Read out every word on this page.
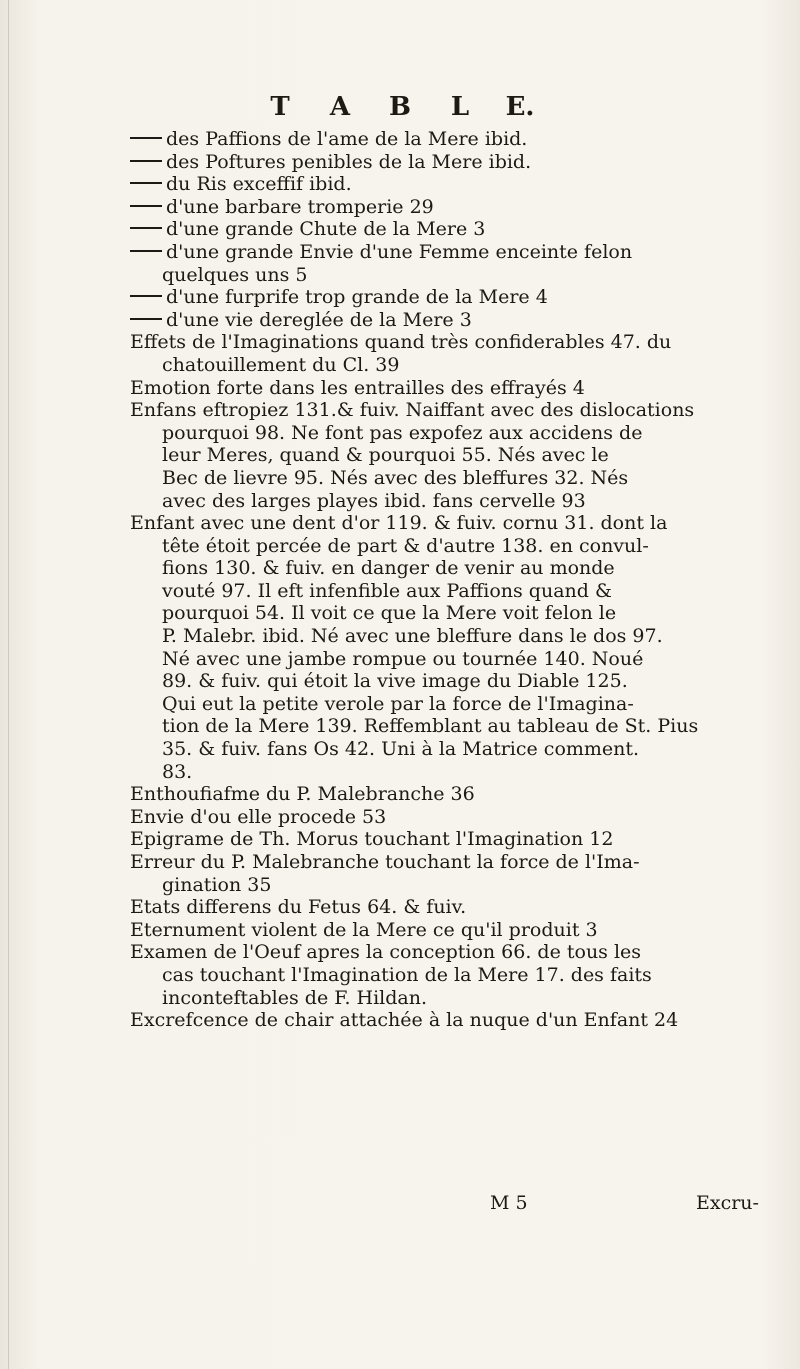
T A B L E.
des Paffions de l'ame de la Mere ibid.
des Poftures penibles de la Mere ibid.
du Ris exceffif ibid.
d'une barbare tromperie 29
d'une grande Chute de la Mere 3
d'une grande Envie d'une Femme enceinte felon
quelques uns 5
d'une furprife trop grande de la Mere 4
d'une vie dereglée de la Mere 3
Effets de l'Imaginations quand très confiderables 47. du
chatouillement du Cl. 39
Emotion forte dans les entrailles des effrayés 4
Enfans eftropiez 131.& fuiv. Naiffant avec des dislocations
pourquoi 98. Ne font pas expofez aux accidens de
leur Meres, quand & pourquoi 55. Nés avec le
Bec de lievre 95. Nés avec des bleffures 32. Nés
avec des larges playes ibid. fans cervelle 93
Enfant avec une dent d'or 119. & fuiv. cornu 31. dont la
tête étoit percée de part & d'autre 138. en convul-
fions 130. & fuiv. en danger de venir au monde
vouté 97. Il eft infenfible aux Paffions quand &
pourquoi 54. Il voit ce que la Mere voit felon le
P. Malebr. ibid. Né avec une bleffure dans le dos 97.
Né avec une jambe rompue ou tournée 140. Noué
89. & fuiv. qui étoit la vive image du Diable 125.
Qui eut la petite verole par la force de l'Imagina-
tion de la Mere 139. Reffemblant au tableau de St. Pius
35. & fuiv. fans Os 42. Uni à la Matrice comment.
83.
Enthoufiafme du P. Malebranche 36
Envie d'ou elle procede 53
Epigrame de Th. Morus touchant l'Imagination 12
Erreur du P. Malebranche touchant la force de l'Ima-
gination 35
Etats differens du Fetus 64. & fuiv.
Eternument violent de la Mere ce qu'il produit 3
Examen de l'Oeuf apres la conception 66. de tous les
cas touchant l'Imagination de la Mere 17. des faits
inconteftables de F. Hildan.
Excrefcence de chair attachée à la nuque d'un Enfant 24
M 5	Excru-
